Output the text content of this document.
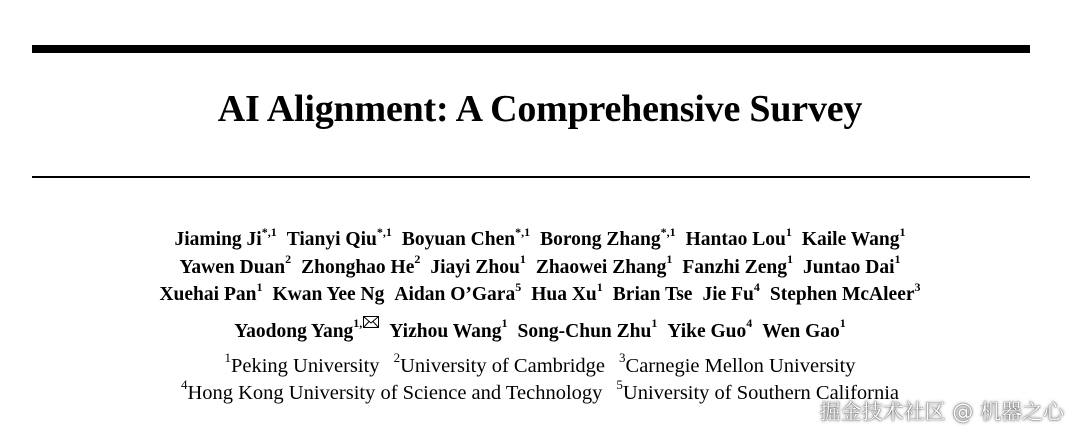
AI Alignment: A Comprehensive Survey
Jiaming $Ji^{*,1}$ Tianyi Qiu$^{*,1}$ Boyuan Chen$^{*,1}$ Borong Zhang$^{*,1}$ Hantao Lou$^1$ Kaile Wang$^1$
Yawen Duan$^2$ Zhonghao He$^2$ Jiayi Zhou$^1$ Zhaowei Zhang$^1$ Fanzhi Zeng$^1$ Juntao Dai$^1$
Xuehai Pan$^1$ Kwan Yee Ng Aidan O’Gara$^5$ Hua Xu$^1$ Brian Tse Jie Fu$^4$ Stephen McAleer$^3$
Yaodong Yang$^{1,}$ Yizhou Wang$^1$ Song-Chun Zhu$^1$ Yike Guo$^4$ Wen Gao$^1$
$^1$Peking University $^2$University of Cambridge $^3$Carnegie Mellon University
$^4$Hong Kong University of Science and Technology $^5$University of Southern California
掘金技术社区 @ 机器之心
